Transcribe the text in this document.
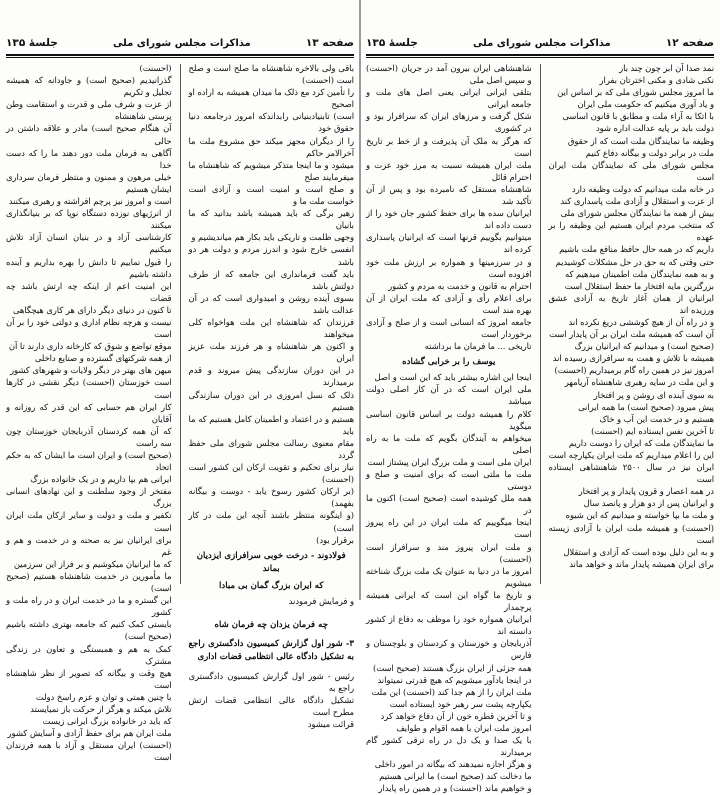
صفحه ۱۳
مذاکرات مجلس شورای ملی
جلسهٔ ۱۳۵

باقی ولی بالاخره شاهنشاه ما صلح است و صلح است (احسنت)

را تأمین کرد مع ذلک ما میدان همیشه به اراده او اصحیح

است) تابنیادبنیانی رابداندکه امروز درجامعه دنیا حقوق خود

را از دیگران مجهز میکند حق مشروع ملت ما آخرالامر حاکم

میشود و ما اینجا متذکر میشویم که شاهنشاه ما میفرمایند صلح

و صلح است و امنیت است و آزادی است خواست ملت ما و

زهیر برگی که باید همیشه باشد بدانید که ما بانیان

وجهی ظلمت و تاریکی باید بکار هم میاندیشیم و

انفسی خارج شود و اندرز مردم و دولت هر دو باشد

باید گفت فرمانداری این جامعه که از طرف دولتش باشد

بسوی آینده روشن و امیدواری است که در آن عدالت باشد

فرزندان که شاهنشاه این ملت هواخواه کلی میخواهند

و اکنون هر شاهنشاه و هر فرزند ملت عزیز ایران

در این دوران سازندگی پیش میروند و قدم برمیدارند

ذلک که نسل امروزی در این دوران سازندگی هستیم

هستیم و در اعتماد و اطمینان کامل هستیم که ما باید

مقام معنوی رسالت مجلس شورای ملی حفظ گردد

نیاز برای تحکیم و تقویت ارکان این کشور است (احسنت)

(بر ارکان کشور رسوخ یابد - دوست و بیگانه بفهمد)

(و اینگونه منتظر باشند آنچه این ملت در کار است)

برقرار بود)

فولادوند - درخت خوبی سرافرازی ایزدیان بماند
که ایران بزرگ گمان بی مبادا
و فرمایش فرمودند

چه فرمان یزدان چه فرمان شاه

۳- شور اول گزارش کمیسیون دادگستری راجع به تشکیل دادگاه عالی انتظامی قضات اداری

رئیس - شور اول گزارش کمیسیون دادگستری راجع به

تشکیل دادگاه عالی انتظامی قضات ارتش مطرح است

قرائت میشود

(احسنت)

گذرانیدیم (صحیح است) و جاودانه که همیشه تجلیل و تکریم

از عزت و شرف ملی و قدرت و استقامت وطن پرستی شاهنشاه

آن هنگام صحیح است) مادر و علاقه داشتن در حالی

آگاهی به فرمان ملت دور دهند ما را که دست خدا

خیلی مرهون و ممنون و منتظر فرمان سرداری ایشان هستیم

است و امروز نیز پرچم افراشته و رهبری میکنند

از انرژیهای نوزده دستگاه نوپا که بر بنیانگذاری میکنند

کارشناسی آزاد و در بنیان انسان آزاد تلاش میکنیم

را قبول نماییم تا دانش را بهره بداریم و آینده داشته باشیم

این امنیت اعم از اینکه چه ارتش باشد چه قضات

تا کنون در دنیای دیگر دارای هر کاری هیچگاهی

نیست و هرچه نظام اداری و دولتی خود را بر آن است

موقع تواضع و شوق که کارخانه داری دارند تا آن

از همه شرکتهای گسترده و صنایع داخلی

میهن های بهتر در دیگر ولایات و شهرهای کشور

است خوزستان (احسنت) دیگر نقشی در کارها است

کار ایران هم حسابی که این قدر که روزانه و آقایان

که آن همه کردستان آذربایجان خوزستان چون سه راست

(صحیح است) و ایران است ما ایشان که به حکم اتحاد

ایرانی هم بپا داریم و در یک خانواده بزرگ

مفتخر از وجود سلطنت و این نهادهای انسانی بزرگ

تکفیر و ملت و دولت و سایر ارکان ملت ایران است

برای ایرانیان نیز به صحنه و در خدمت و هم و غم

که ما ایرانیان میکوشیم و بر فراز این سرزمین

ما مأمورین در خدمت شاهنشاه هستیم (صحیح است)

این گستره و ما در خدمت ایران و در راه ملت و کشور

بایستی کمک کنیم که جامعه بهتری داشته باشیم (صحیح است)

کمک به هم و همبستگی و تعاون در زندگی مشترک

هیچ وقت و بیگانه که تصویر از نظر شاهنشاه است

با چنین همتی و توان و عزم راسخ دولت

تلاش میکند و هرگز از حرکت باز نمیایستد

که باید در خانواده بزرگ ایرانی زیست

ملت ایران هم برای حفظ آزادی و آسایش کشور

(احسنت) ایران مستقل و آزاد با همه فرزندان است

صفحه ۱۲
مذاکرات مجلس شورای ملی
جلسهٔ ۱۳۵

نمد صدا آن ابر چون چند بار

نکنی شادی و مکنی اخترتان بفرار

ما امروز مجلس شورای ملی که بر اساس این

و یاد آوری میکنیم که حکومت ملی ایران

با اتکا به آراء ملت و مطابق با قانون اساسی

دولت باید بر پایه عدالت اداره شود

وظیفه ما نمایندگان ملت است که از حقوق

ملت در برابر دولت و بیگانه دفاع کنیم

مجلس شورای ملی که نمایندگان ملت ایران است

در خانه ملت میدانیم که دولت وظیفه دارد

از عزت و استقلال و آزادی ملت پاسداری کند

بیش از همه ما نمایندگان مجلس شورای ملی

که منتخب مردم ایران هستیم این وظیفه را بر عهده

داریم که در همه حال حافظ منافع ملت باشیم

حتی وقتی که به حق در حل مشکلات کوشیدیم

و به همه نمایندگان ملت اطمینان میدهیم که

بزرگترین مایه افتخار ما حفظ استقلال است

ایرانیان از همان آغاز تاریخ به آزادی عشق ورزیده اند

و در راه آن از هیچ کوششی دریغ نکرده اند

آن است که همیشه ملت ایران بر آن پایدار است

(صحیح است) و میدانیم که ایرانیان بزرگ

همیشه با تلاش و همت به سرافرازی رسیده اند

امروز نیز در همین راه گام برمیداریم (احسنت)

و این ملت در سایه رهبری شاهنشاه آریامهر

به سوی آینده ای روشن و پر افتخار

پیش میرود (صحیح است) ما همه ایرانی

هستیم و در خدمت این آب و خاک

تا آخرین نفس ایستاده ایم (احسنت)

ما نمایندگان ملت که ایران را دوست داریم

این را اعلام میداریم که ملت ایران یکپارچه است

ایران نیز در سال ۲۵۰۰ شاهنشاهی ایستاده است

در همه اعصار و قرون پایدار و پر افتخار

و ایرانیان پس از دو هزار و پانصد سال

و ملت ما بپا خواسته و میدانیم که این شیوه

(احسنت) و همیشه ملت ایران با آزادی زیسته است

و به این دلیل بوده است که آزادی و استقلال

برای ایران همیشه پایدار ماند و خواهد ماند

شاهنشاهی ایران بیرون آمد در جریان (احسنت) و سپس اصل ملی

بتلقی ایرانی ایرانی یعنی اصل های ملت و جامعه ایرانی

شکل گرفت و مرزهای ایران که سرافراز بود و در کشوری

که هرگز به ملک آن پذیرفت و از خط بر تاریخ است

ملت ایران همیشه نسبت به مرز خود عزت و احترام قائل

شاهنشاه مستقل که نامبرده بود و پس از آن تأکید شد

ایرانیان سده ها برای حفظ کشور جان خود را از دست داده اند

میتوانیم بگوییم قرنها است که ایرانیان پاسداری کرده اند

و در سرزمینها و همواره بر ارزش ملت خود افزوده است

احترام به قانون و خدمت به مردم و کشور

برای اعلام رأی و آزادی که ملت ایران از آن بهره مند است

جامعه امروز که انسانی است و از صلح و آزادی برخوردار است

تاریخی ... ما فرمان ما برداشته

یوسف را بر خرابی گشاده

اینجا این اشاره بیشتر باید که این است و اصل

ملی ایران است که در آن کار اصلی دولت میباشد

کلام را همیشه دولت بر اساس قانون اساسی میگوید

میخواهم به آیندگان بگویم که ملت ما به راه اصلی

ایران ملی است و ملت بزرگ ایران پیشتاز است

ملت ما ملتی است که برای امنیت و صلح و دوستی

همه ملل کوشیده است (صحیح است) اکنون ما در

اینجا میگوییم که ملت ایران در این راه پیروز است

و ملت ایران پیروز مند و سرافراز است (احسنت)

امروز ما در دنیا به عنوان یک ملت بزرگ شناخته میشویم

و تاریخ ما گواه این است که ایرانی همیشه پرچمدار

ایرانیان همواره خود را موظف به دفاع از کشور دانسته اند

آذربایجان و خوزستان و کردستان و بلوچستان و فارس

همه جزئی از ایران بزرگ هستند (صحیح است)

در اینجا یادآور میشویم که هیچ قدرتی نمیتواند

ملت ایران را از هم جدا کند (احسنت) این ملت

یکپارچه پشت سر رهبر خود ایستاده است

و تا آخرین قطره خون از آن دفاع خواهد کرد

امروز ملت ایران با همه اقوام و طوایف

با یک صدا و یک دل در راه ترقی کشور گام برمیدارند

و هرگز اجازه نمیدهند که بیگانه در امور داخلی

ما دخالت کند (صحیح است) ما ایرانی هستیم

و خواهیم ماند (احسنت) و در همین راه پایدار
